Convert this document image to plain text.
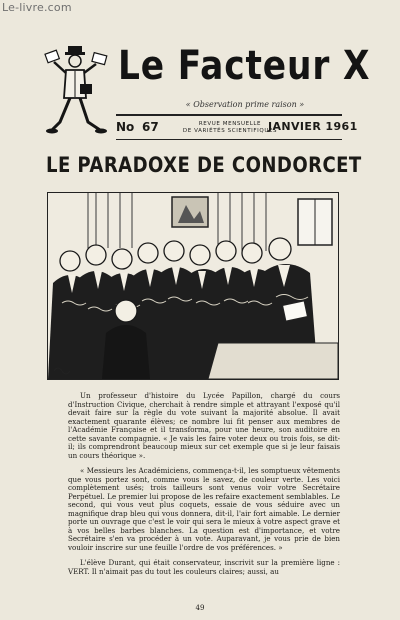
Le-livre.com
Le Facteur X
« Observation prime raison »
No 67	REVUE MENSUELLE
DE VARIÉTÉS SCIENTIFIQUES
JANVIER 1961
LE PARADOXE DE CONDORCET

Un professeur d'histoire du Lycée Papillon, chargé du cours d'Instruction Civique, cherchait à rendre simple et attrayant l'exposé qu'il devait faire sur la règle du vote suivant la majorité absolue. Il avait exactement quarante élèves; ce nombre lui fit penser aux membres de l'Académie Française et il transforma, pour une heure, son auditoire en cette savante compagnie. « Je vais les faire voter deux ou trois fois, se dit-il; ils comprendront beaucoup mieux sur cet exemple que si je leur faisais un cours théorique ».

« Messieurs les Académiciens, commença-t-il, les somptueux vêtements que vous portez sont, comme vous le savez, de couleur verte. Les voici complètement usés; trois tailleurs sont venus voir votre Secrétaire Perpétuel. Le premier lui propose de les refaire exactement semblables. Le second, qui vous veut plus coquets, essaie de vous séduire avec un magnifique drap bleu qui vous donnera, dit-il, l'air fort aimable. Le dernier porte un ouvrage que c'est le voir qui sera le mieux à votre aspect grave et à vos belles barbes blanches. La question est d'importance, et votre Secrétaire s'en va procéder à un vote. Auparavant, je vous prie de bien vouloir inscrire sur une feuille l'ordre de vos préférences. »

L'élève Durant, qui était conservateur, inscrivit sur la première ligne : VERT. Il n'aimait pas du tout les couleurs claires; aussi, au

49
